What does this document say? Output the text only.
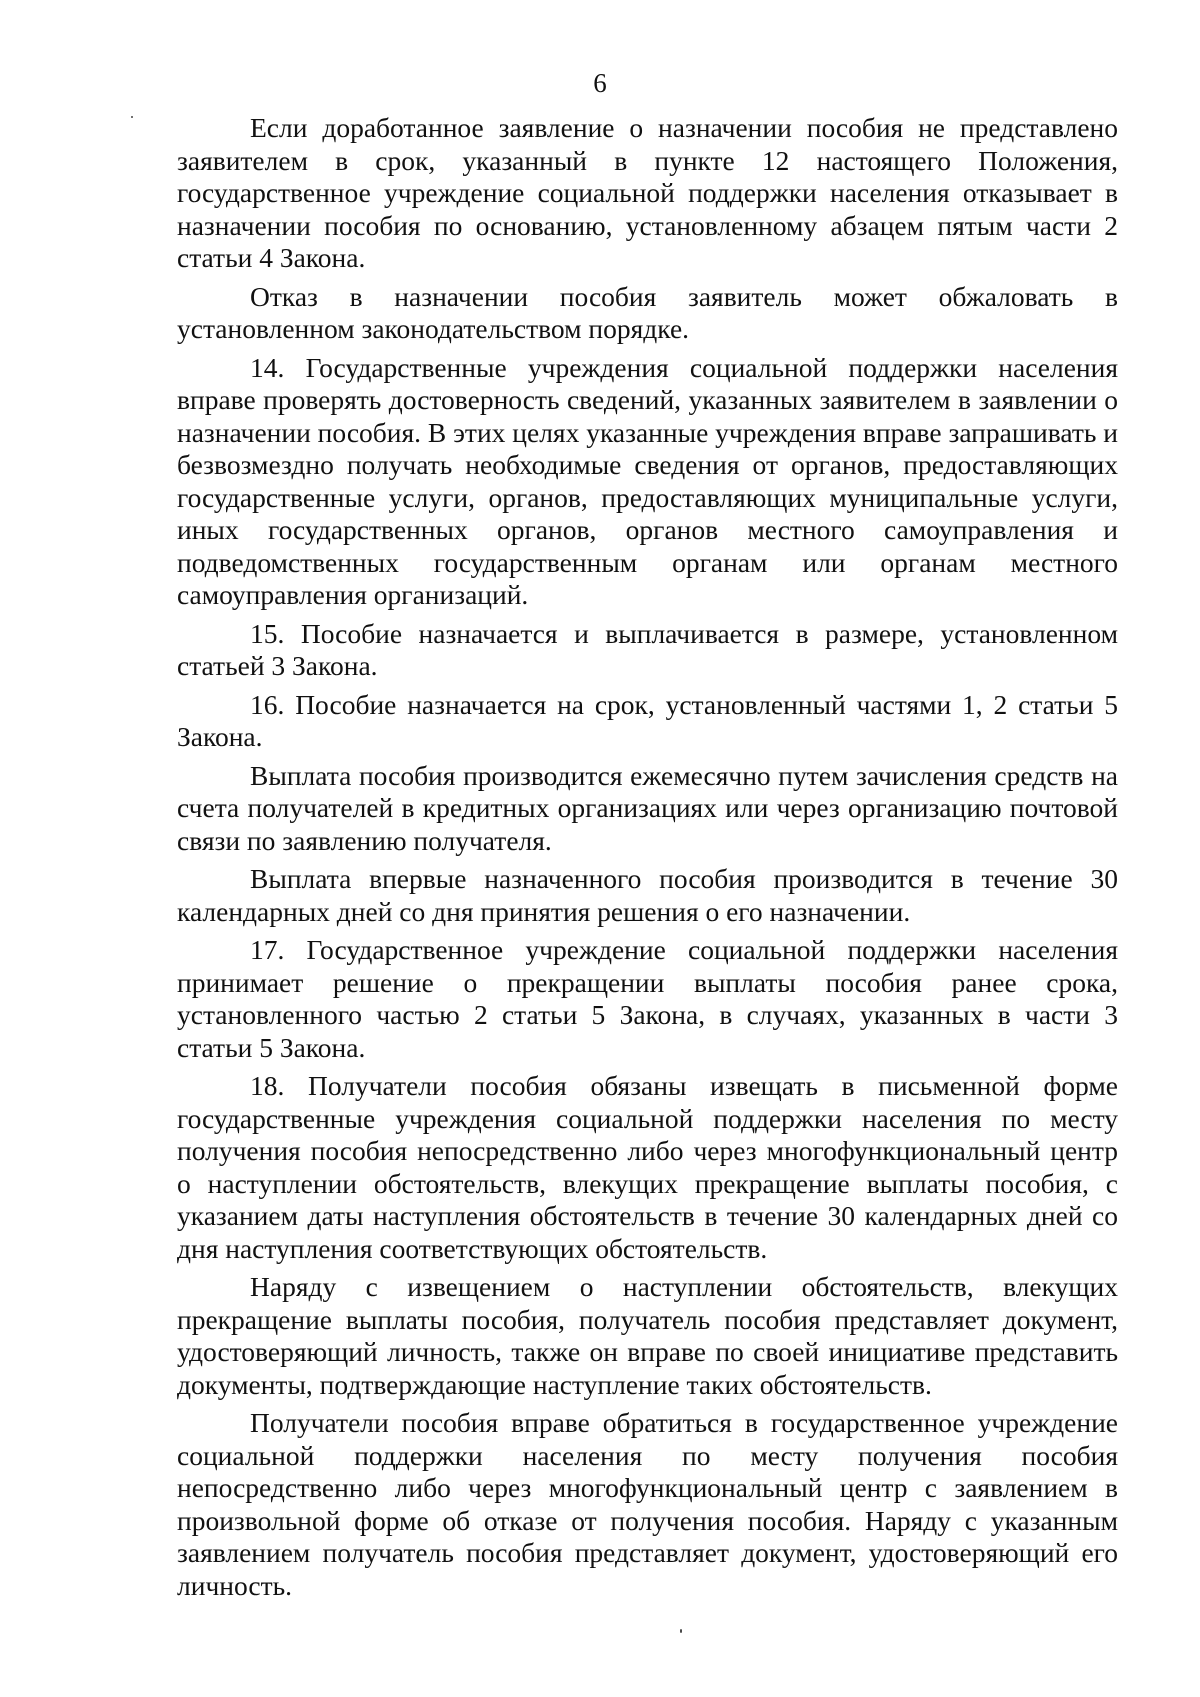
6

Если доработанное заявление о назначении пособия не представлено заявителем в срок, указанный в пункте 12 настоящего Положения, государственное учреждение социальной поддержки населения отказывает в назначении пособия по основанию, установленному абзацем пятым части 2 статьи 4 Закона.

Отказ в назначении пособия заявитель может обжаловать в установленном законодательством порядке.

14. Государственные учреждения социальной поддержки населения вправе проверять достоверность сведений, указанных заявителем в заявлении о назначении пособия. В этих целях указанные учреждения вправе запрашивать и безвозмездно получать необходимые сведения от органов, предоставляющих государственные услуги, органов, предоставляющих муниципальные услуги, иных государственных органов, органов местного самоуправления и подведомственных государственным органам или органам местного самоуправления организаций.

15. Пособие назначается и выплачивается в размере, установленном статьей 3 Закона.

16. Пособие назначается на срок, установленный частями 1, 2 статьи 5 Закона.

Выплата пособия производится ежемесячно путем зачисления средств на счета получателей в кредитных организациях или через организацию почтовой связи по заявлению получателя.

Выплата впервые назначенного пособия производится в течение 30 календарных дней со дня принятия решения о его назначении.

17. Государственное учреждение социальной поддержки населения принимает решение о прекращении выплаты пособия ранее срока, установленного частью 2 статьи 5 Закона, в случаях, указанных в части 3 статьи 5 Закона.

18. Получатели пособия обязаны извещать в письменной форме государственные учреждения социальной поддержки населения по месту получения пособия непосредственно либо через многофункциональный центр о наступлении обстоятельств, влекущих прекращение выплаты пособия, с указанием даты наступления обстоятельств в течение 30 календарных дней со дня наступления соответствующих обстоятельств.

Наряду с извещением о наступлении обстоятельств, влекущих прекращение выплаты пособия, получатель пособия представляет документ, удостоверяющий личность, также он вправе по своей инициативе представить документы, подтверждающие наступление таких обстоятельств.

Получатели пособия вправе обратиться в государственное учреждение социальной поддержки населения по месту получения пособия непосредственно либо через многофункциональный центр с заявлением в произвольной форме об отказе от получения пособия. Наряду с указанным заявлением получатель пособия представляет документ, удостоверяющий его личность.
